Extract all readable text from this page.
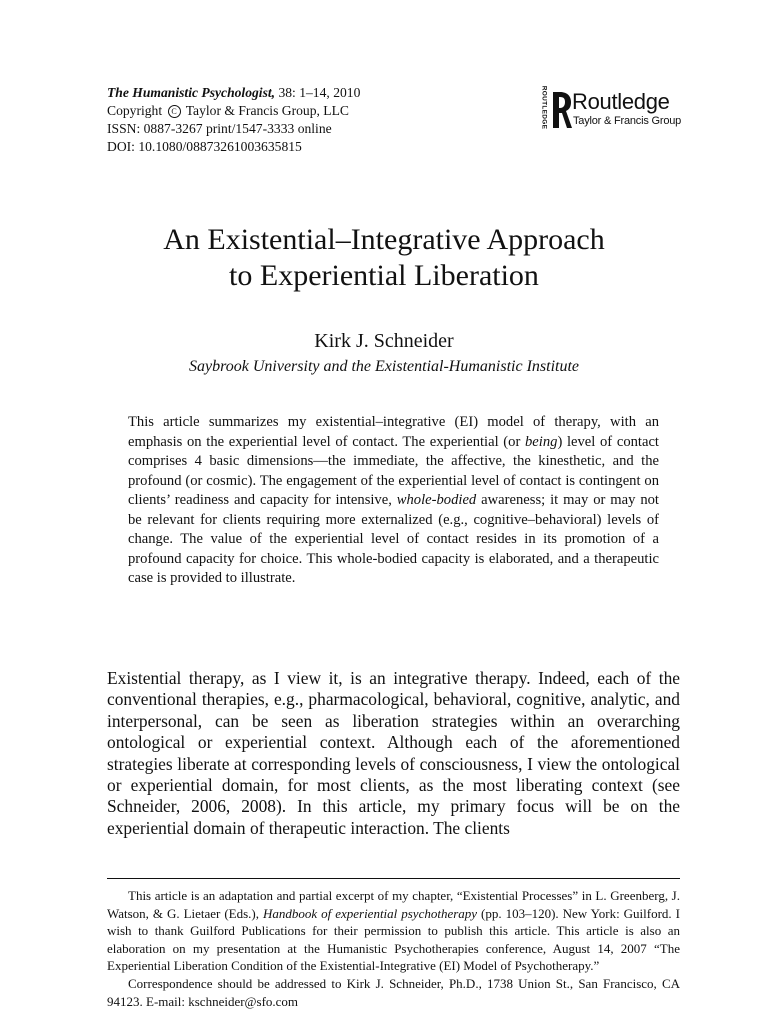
The Humanistic Psychologist, 38: 1–14, 2010
Copyright C Taylor & Francis Group, LLC
ISSN: 0887-3267 print/1547-3333 online
DOI: 10.1080/08873261003635815
ROUTLEDGE Routledge
Taylor & Francis Group
An Existential–Integrative Approach
to Experiential Liberation
Kirk J. Schneider
Saybrook University and the Existential-Humanistic Institute

This article summarizes my existential–integrative (EI) model of therapy, with an emphasis on the experiential level of contact. The experiential (or being) level of contact comprises 4 basic dimensions—the immediate, the affective, the kinesthetic, and the profound (or cosmic). The engagement of the experiential level of contact is contingent on clients’ readiness and capacity for intensive, whole-bodied awareness; it may or may not be relevant for clients requiring more externalized (e.g., cognitive–behavioral) levels of change. The value of the experiential level of contact resides in its promotion of a profound capacity for choice. This whole-bodied capacity is elaborated, and a therapeutic case is provided to illustrate.

Existential therapy, as I view it, is an integrative therapy. Indeed, each of the conventional therapies, e.g., pharmacological, behavioral, cognitive, analytic, and interpersonal, can be seen as liberation strategies within an overarching ontological or experiential context. Although each of the aforementioned strategies liberate at corresponding levels of consciousness, I view the ontological or experiential domain, for most clients, as the most liberating context (see Schneider, 2006, 2008). In this article, my primary focus will be on the experiential domain of therapeutic interaction. The clients

This article is an adaptation and partial excerpt of my chapter, “Existential Processes” in L. Greenberg, J. Watson, & G. Lietaer (Eds.), Handbook of experiential psychotherapy (pp. 103–120). New York: Guilford. I wish to thank Guilford Publications for their permission to publish this article. This article is also an elaboration on my presentation at the Humanistic Psychotherapies conference, August 14, 2007 “The Experiential Liberation Condition of the Existential-Integrative (EI) Model of Psychotherapy.”

Correspondence should be addressed to Kirk J. Schneider, Ph.D., 1738 Union St., San Francisco, CA 94123. E-mail: kschneider@sfo.com
